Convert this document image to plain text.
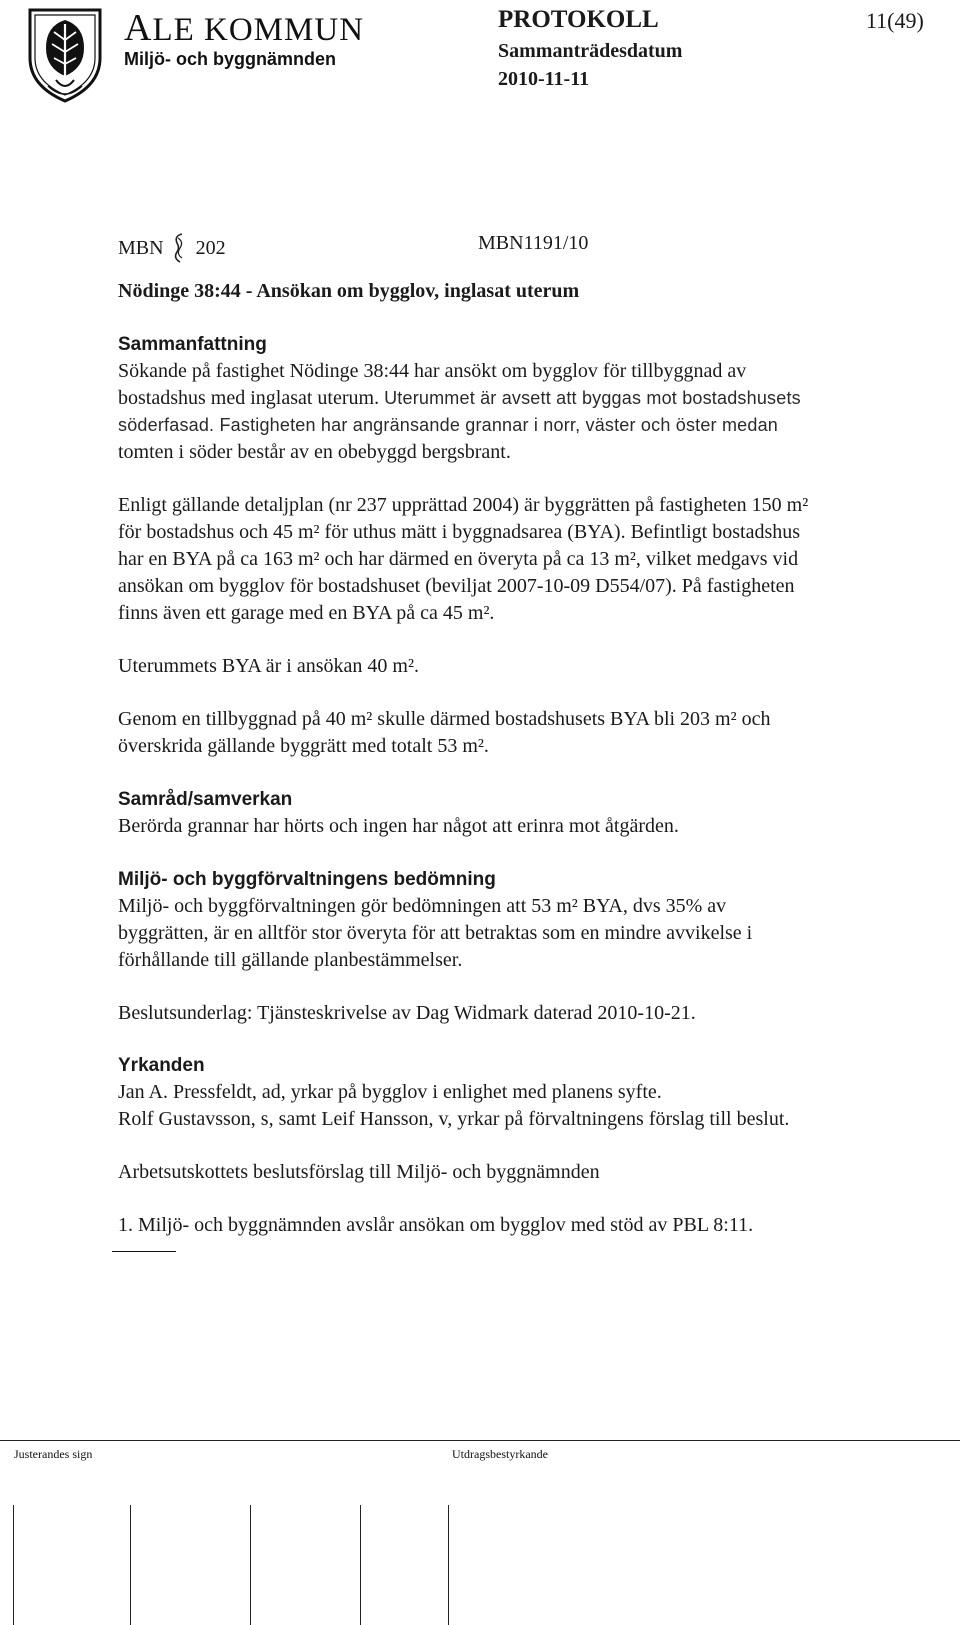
ALE KOMMUN
Miljö- och byggnämnden
PROTOKOLL	11(49)
Sammanträdesdatum
2010-11-11
MBN 202	MBN1191/10
Nödinge 38:44 - Ansökan om bygglov, inglasat uterum

Sammanfattning

Sökande på fastighet Nödinge 38:44 har ansökt om bygglov för tillbyggnad av

bostadshus med inglasat uterum. Uterummet är avsett att byggas mot bostadshusets

söderfasad. Fastigheten har angränsande grannar i norr, väster och öster medan

tomten i söder består av en obebyggd bergsbrant.

Enligt gällande detaljplan (nr 237 upprättad 2004) är byggrätten på fastigheten 150 m²

för bostadshus och 45 m² för uthus mätt i byggnadsarea (BYA). Befintligt bostadshus

har en BYA på ca 163 m² och har därmed en överyta på ca 13 m², vilket medgavs vid

ansökan om bygglov för bostadshuset (beviljat 2007-10-09 D554/07). På fastigheten

finns även ett garage med en BYA på ca 45 m².

Uterummets BYA är i ansökan 40 m².

Genom en tillbyggnad på 40 m² skulle därmed bostadshusets BYA bli 203 m² och

överskrida gällande byggrätt med totalt 53 m².

Samråd/samverkan

Berörda grannar har hörts och ingen har något att erinra mot åtgärden.

Miljö- och byggförvaltningens bedömning

Miljö- och byggförvaltningen gör bedömningen att 53 m² BYA, dvs 35% av

byggrätten, är en alltför stor överyta för att betraktas som en mindre avvikelse i

förhållande till gällande planbestämmelser.

Beslutsunderlag: Tjänsteskrivelse av Dag Widmark daterad 2010-10-21.

Yrkanden

Jan A. Pressfeldt, ad, yrkar på bygglov i enlighet med planens syfte.

Rolf Gustavsson, s, samt Leif Hansson, v, yrkar på förvaltningens förslag till beslut.

Arbetsutskottets beslutsförslag till Miljö- och byggnämnden
1. Miljö- och byggnämnden avslår ansökan om bygglov med stöd av PBL 8:11.
Justerandes sign	Utdragsbestyrkande
